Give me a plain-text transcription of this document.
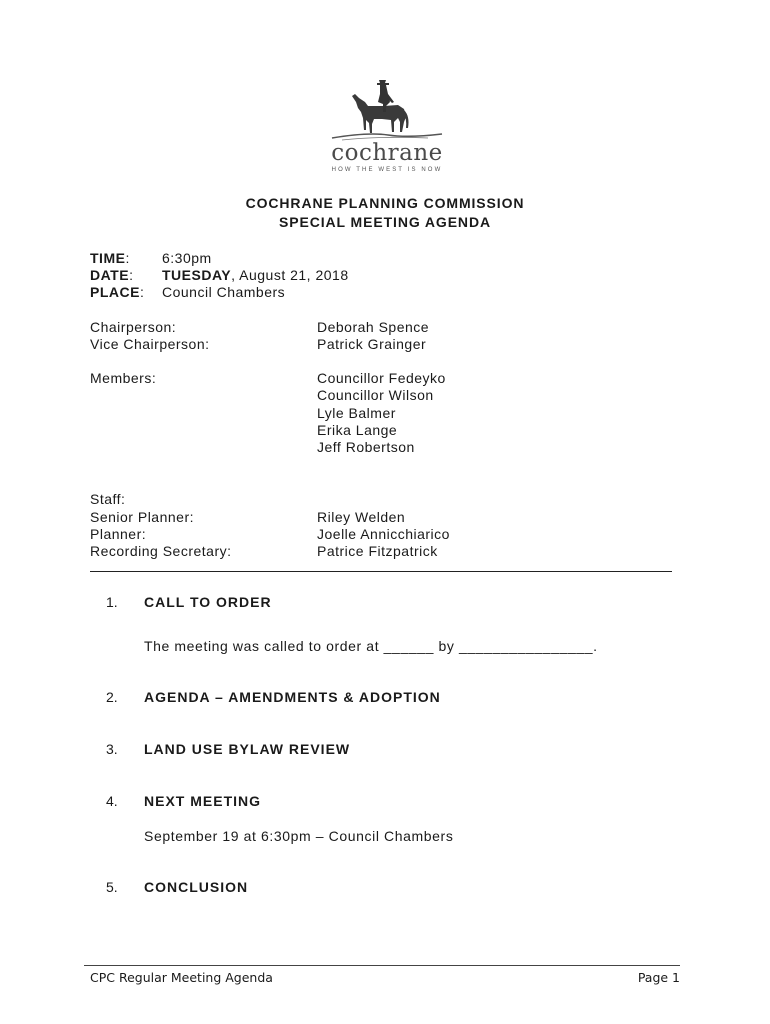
cochrane
HOW THE WEST IS NOW
COCHRANE PLANNING COMMISSION
SPECIAL MEETING AGENDA
TIME: 6:30pm
DATE: TUESDAY, August 21, 2018
PLACE: Council Chambers
Chairperson:	Deborah Spence
Vice Chairperson:	Patrick Grainger
Members:	Councillor Fedeyko
Councillor Wilson
Lyle Balmer
Erika Lange
Jeff Robertson
Staff:
Senior Planner:	Riley Welden
Planner:	Joelle Annicchiarico
Recording Secretary:	Patrice Fitzpatrick
1. CALL TO ORDER
The meeting was called to order at ______ by ________________.
2. AGENDA – AMENDMENTS & ADOPTION
3. LAND USE BYLAW REVIEW
4. NEXT MEETING
September 19 at 6:30pm – Council Chambers
5. CONCLUSION
CPC Regular Meeting Agenda	Page 1
